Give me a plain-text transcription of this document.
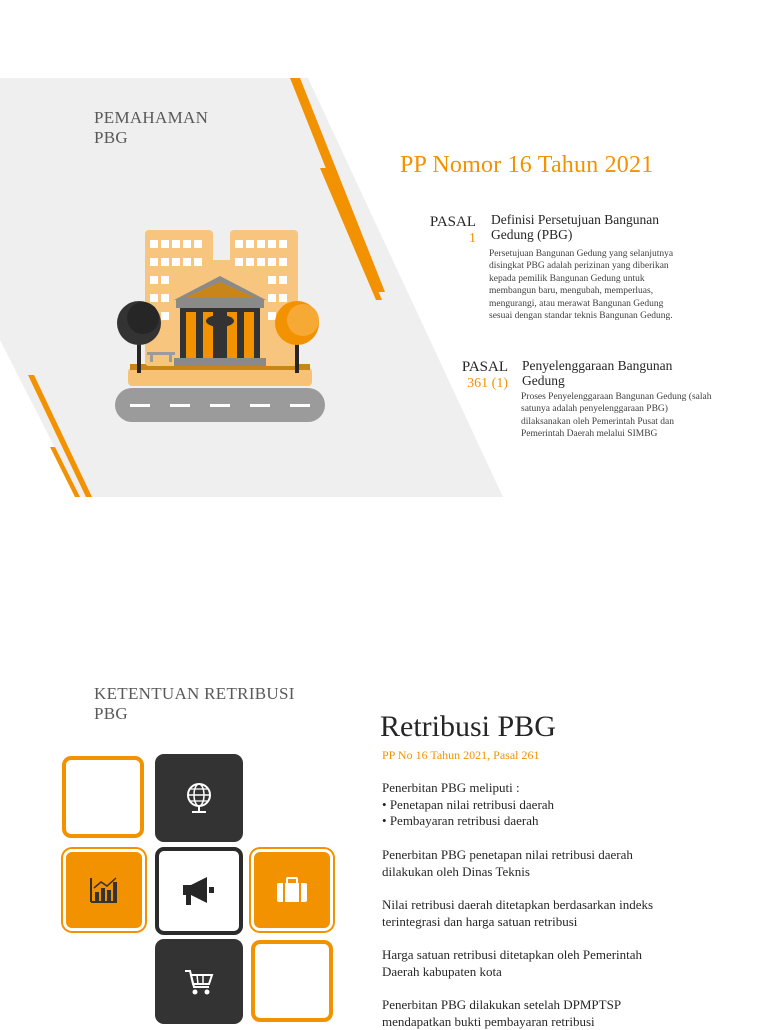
PEMAHAMAN
PBG
PP Nomor 16 Tahun 2021
PASAL
1
Definisi Persetujuan Bangunan
Gedung (PBG)
Persetujuan Bangunan Gedung yang selanjutnya
disingkat PBG adalah perizinan yang diberikan
kepada pemilik Bangunan Gedung untuk
membangun baru, mengubah, memperluas,
mengurangi, atau merawat Bangunan Gedung
sesuai dengan standar teknis Bangunan Gedung.
PASAL
361 (1)
Penyelenggaraan Bangunan
Gedung
Proses Penyelenggaraan Bangunan Gedung (salah
satunya adalah penyelenggaraan PBG)
dilaksanakan oleh Pemerintah Pusat dan
Pemerintah Daerah melalui SIMBG
KETENTUAN RETRIBUSI
PBG	Retribusi PBG
PP No 16 Tahun 2021, Pasal 261
Penerbitan PBG meliputi :
• Penetapan nilai retribusi daerah
• Pembayaran retribusi daerah
Penerbitan PBG penetapan nilai retribusi daerah
dilakukan oleh Dinas Teknis
Nilai retribusi daerah ditetapkan berdasarkan indeks
terintegrasi dan harga satuan retribusi
Harga satuan retribusi ditetapkan oleh Pemerintah
Daerah kabupaten kota
Penerbitan PBG dilakukan setelah DPMPTSP
mendapatkan bukti pembayaran retribusi
